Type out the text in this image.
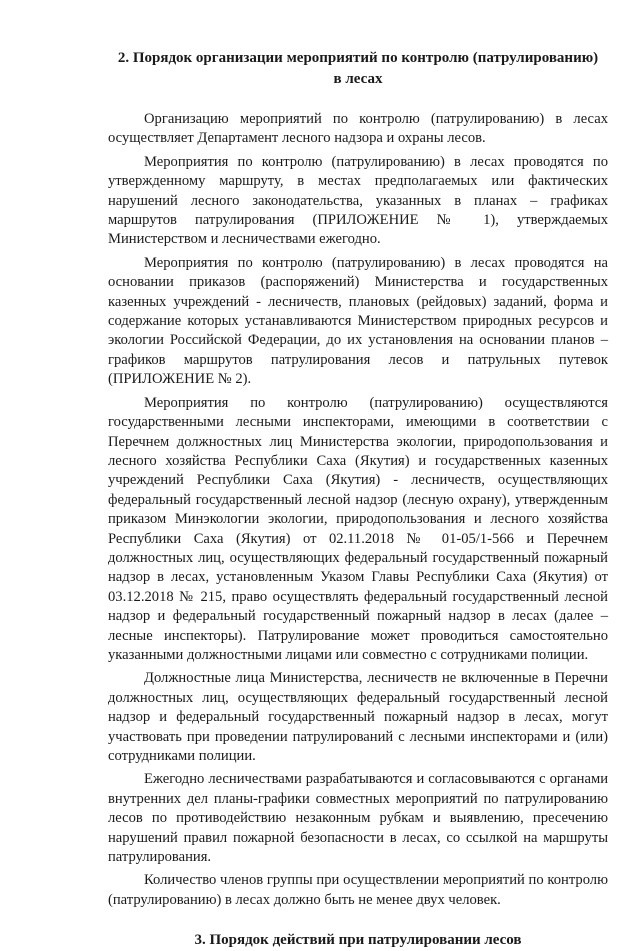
2. Порядок организации мероприятий по контролю (патрулированию)
в лесах

Организацию мероприятий по контролю (патрулированию) в лесах осуществляет Департамент лесного надзора и охраны лесов.

Мероприятия по контролю (патрулированию) в лесах проводятся по утвержденному маршруту, в местах предполагаемых или фактических нарушений лесного законодательства, указанных в планах – графиках маршрутов патрулирования (ПРИЛОЖЕНИЕ № 1), утверждаемых Министерством и лесничествами ежегодно.

Мероприятия по контролю (патрулированию) в лесах проводятся на основании приказов (распоряжений) Министерства и государственных казенных учреждений - лесничеств, плановых (рейдовых) заданий, форма и содержание которых устанавливаются Министерством природных ресурсов и экологии Российской Федерации, до их установления на основании планов – графиков маршрутов патрулирования лесов и патрульных путевок (ПРИЛОЖЕНИЕ № 2).

Мероприятия по контролю (патрулированию) осуществляются государственными лесными инспекторами, имеющими в соответствии с Перечнем должностных лиц Министерства экологии, природопользования и лесного хозяйства Республики Саха (Якутия) и государственных казенных учреждений Республики Саха (Якутия) - лесничеств, осуществляющих федеральный государственный лесной надзор (лесную охрану), утвержденным приказом Минэкологии экологии, природопользования и лесного хозяйства Республики Саха (Якутия) от 02.11.2018 № 01-05/1-566 и Перечнем должностных лиц, осуществляющих федеральный государственный пожарный надзор в лесах, установленным Указом Главы Республики Саха (Якутия) от 03.12.2018 № 215, право осуществлять федеральный государственный лесной надзор и федеральный государственный пожарный надзор в лесах (далее – лесные инспекторы). Патрулирование может проводиться самостоятельно указанными должностными лицами или совместно с сотрудниками полиции.

Должностные лица Министерства, лесничеств не включенные в Перечни должностных лиц, осуществляющих федеральный государственный лесной надзор и федеральный государственный пожарный надзор в лесах, могут участвовать при проведении патрулирований с лесными инспекторами и (или) сотрудниками полиции.

Ежегодно лесничествами разрабатываются и согласовываются с органами внутренних дел планы-графики совместных мероприятий по патрулированию лесов по противодействию незаконным рубкам и выявлению, пресечению нарушений правил пожарной безопасности в лесах, со ссылкой на маршруты патрулирования.

Количество членов группы при осуществлении мероприятий по контролю (патрулированию) в лесах должно быть не менее двух человек.

3. Порядок действий при патрулировании лесов
